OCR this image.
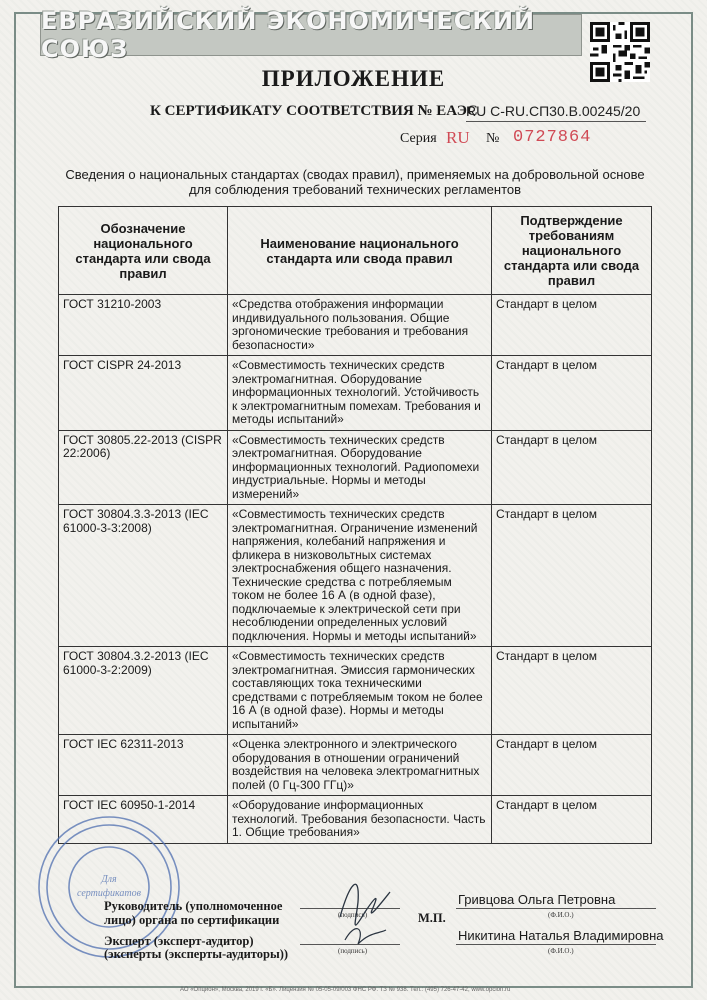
ЕВРАЗИЙСКИЙ ЭКОНОМИЧЕСКИЙ СОЮЗ
ПРИЛОЖЕНИЕ
К СЕРТИФИКАТУ СООТВЕТСТВИЯ № ЕАЭС
RU C-RU.СП30.В.00245/20
Серия RU № 0727864
Сведения о национальных стандартах (сводах правил), применяемых на добровольной основе для соблюдения требований технических регламентов
Обозначение национального стандарта или свода правил	Наименование национального стандарта или свода правил	Подтверждение требованиям национального стандарта или свода правил
ГОСТ 31210-2003	«Средства отображения информации индивидуального пользования. Общие эргономические требования и требования безопасности»	Стандарт в целом
ГОСТ CISPR 24-2013	«Совместимость технических средств электромагнитная. Оборудование информационных технологий. Устойчивость к электромагнитным помехам. Требования и методы испытаний»	Стандарт в целом
ГОСТ 30805.22-2013 (CISPR 22:2006)	«Совместимость технических средств электромагнитная. Оборудование информационных технологий. Радиопомехи индустриальные. Нормы и методы измерений»	Стандарт в целом
ГОСТ 30804.3.3-2013 (IEC 61000-3-3:2008)	«Совместимость технических средств электромагнитная. Ограничение изменений напряжения, колебаний напряжения и фликера в низковольтных системах электроснабжения общего назначения. Технические средства с потребляемым током не более 16 А (в одной фазе), подключаемые к электрической сети при несоблюдении определенных условий подключения. Нормы и методы испытаний»	Стандарт в целом
ГОСТ 30804.3.2-2013 (IEC 61000-3-2:2009)	«Совместимость технических средств электромагнитная. Эмиссия гармонических составляющих тока техническими средствами с потребляемым током не более 16 А (в одной фазе). Нормы и методы испытаний»	Стандарт в целом
ГОСТ IEC 62311-2013	«Оценка электронного и электрического оборудования в отношении ограничений воздействия на человека электромагнитных полей (0 Гц-300 ГГц)»	Стандарт в целом
ГОСТ IEC 60950-1-2014	«Оборудование информационных технологий. Требования безопасности. Часть 1. Общие требования»	Стандарт в целом
Для
сертификатов
Руководитель (уполномоченное
лицо) органа по сертификации
Эксперт (эксперт-аудитор)
(эксперты (эксперты-аудиторы))
(подпись)
(подпись)
М.П.
Гривцова Ольга Петровна
(Ф.И.О.)
Никитина Наталья Владимировна
(Ф.И.О.)
АО «Опцион», Москва, 2019 г. «Б». Лицензия № 05-05-09/003 ФНС РФ. ТЗ № 938. Тел.: (495) 726-47-42, www.opcion.ru
